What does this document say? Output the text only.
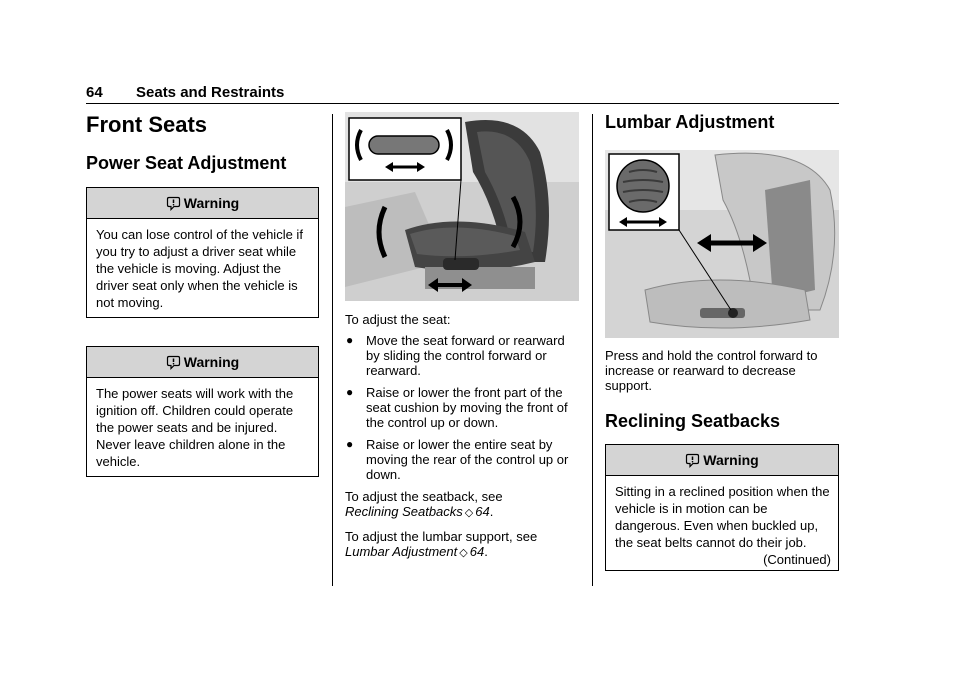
64 Seats and Restraints
Front Seats
Power Seat Adjustment
Warning
You can lose control of the vehicle if you try to adjust a driver seat while the vehicle is moving. Adjust the driver seat only when the vehicle is not moving.
Warning
The power seats will work with the ignition off. Children could operate the power seats and be injured. Never leave children alone in the vehicle.

To adjust the seat:

● Move the seat forward or rearward by sliding the control forward or rearward.
● Raise or lower the front part of the seat cushion by moving the front of the control up or down.
● Raise or lower the entire seat by moving the rear of the control up or down.

To adjust the seatback, see
Reclining Seatbacks ◇ 64.

To adjust the lumbar support, see
Lumbar Adjustment ◇ 64.

Lumbar Adjustment

Press and hold the control forward to increase or rearward to decrease support.

Reclining Seatbacks
Warning
Sitting in a reclined position when the vehicle is in motion can be dangerous. Even when buckled up, the seat belts cannot do their job.
(Continued)
